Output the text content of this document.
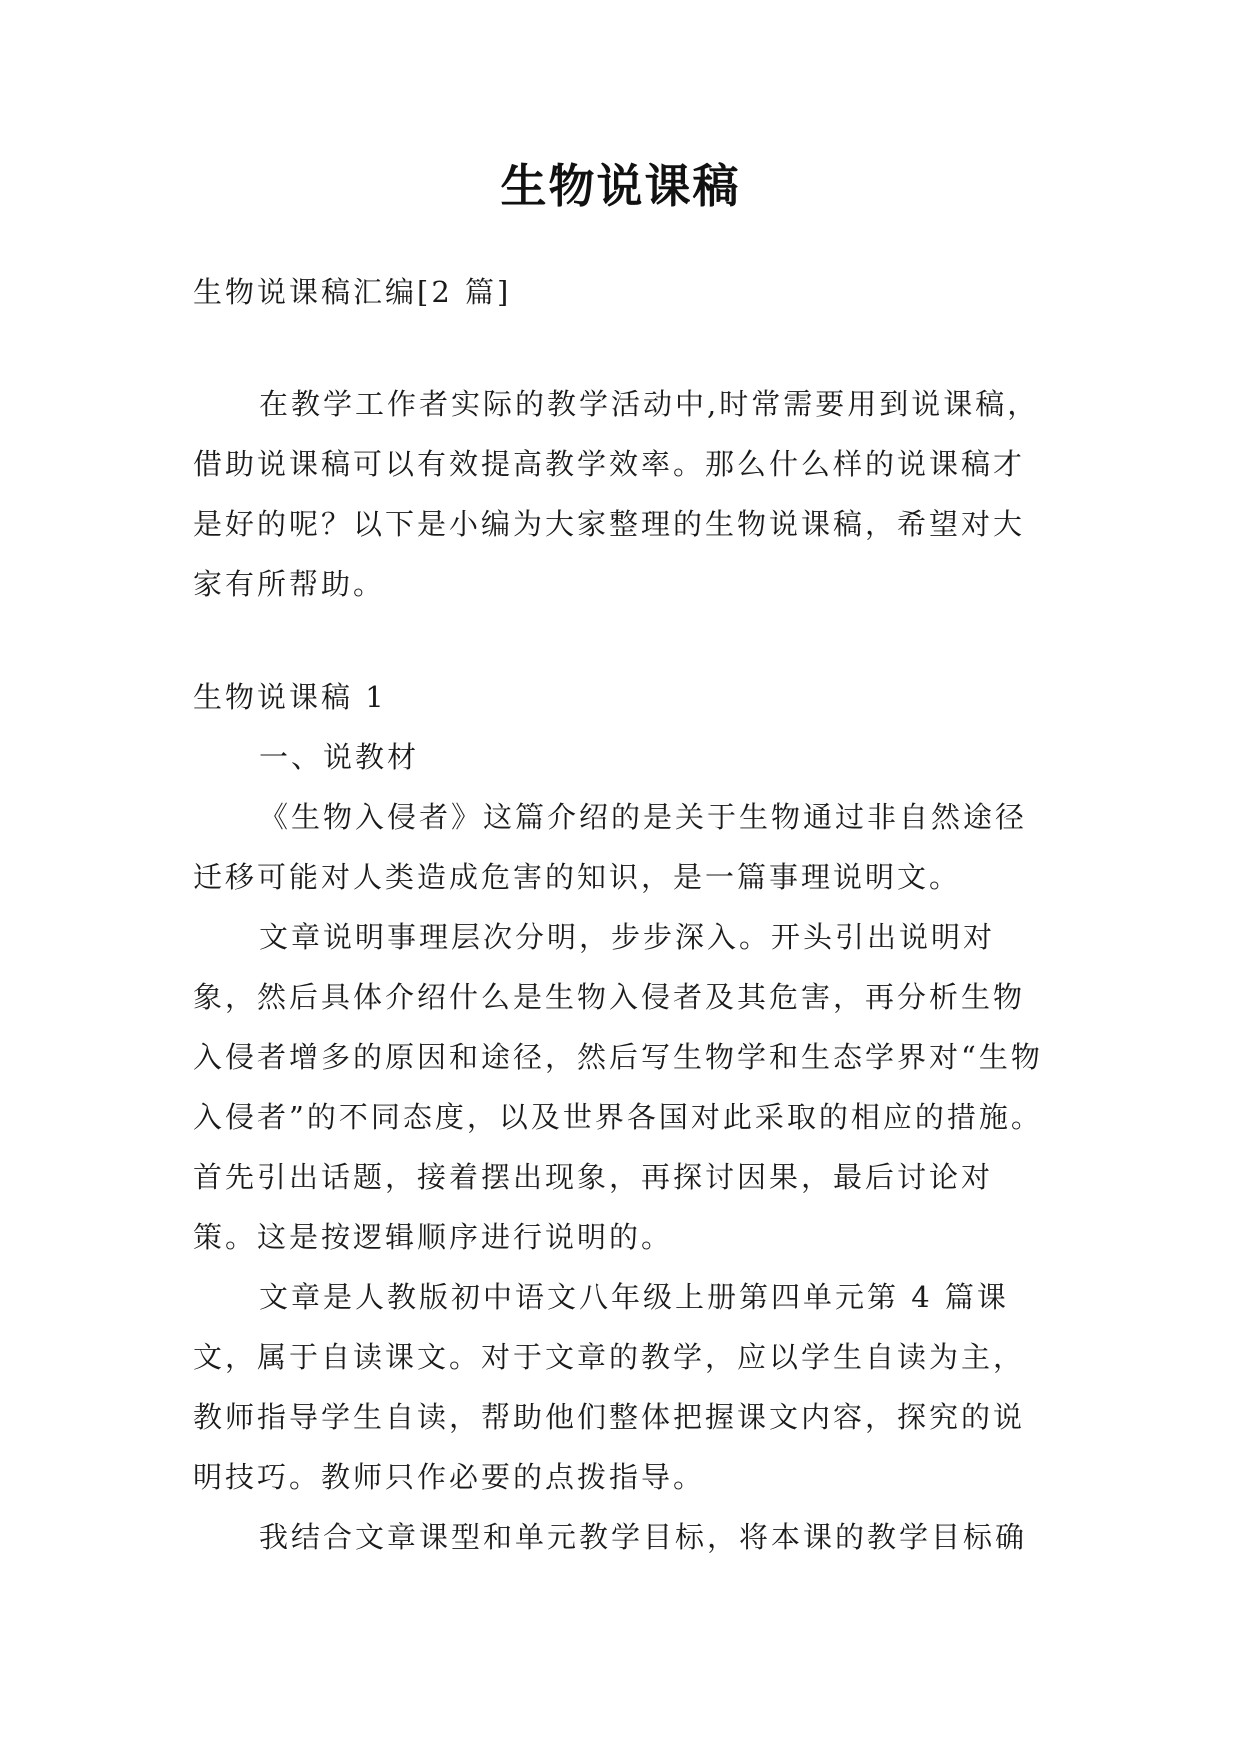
生物说课稿

生物说课稿汇编[2 篇]

在教学工作者实际的教学活动中,时常需要用到说课稿，借助说课稿可以有效提高教学效率。那么什么样的说课稿才是好的呢？以下是小编为大家整理的生物说课稿，希望对大家有所帮助。

生物说课稿 1

一、说教材

《生物入侵者》这篇介绍的是关于生物通过非自然途径迁移可能对人类造成危害的知识，是一篇事理说明文。

文章说明事理层次分明，步步深入。开头引出说明对象，然后具体介绍什么是生物入侵者及其危害，再分析生物入侵者增多的原因和途径，然后写生物学和生态学界对“生物入侵者”的不同态度，以及世界各国对此采取的相应的措施。首先引出话题，接着摆出现象，再探讨因果，最后讨论对策。这是按逻辑顺序进行说明的。

文章是人教版初中语文八年级上册第四单元第 4 篇课文，属于自读课文。对于文章的教学，应以学生自读为主，教师指导学生自读，帮助他们整体把握课文内容，探究的说明技巧。教师只作必要的点拨指导。

我结合文章课型和单元教学目标，将本课的教学目标确
